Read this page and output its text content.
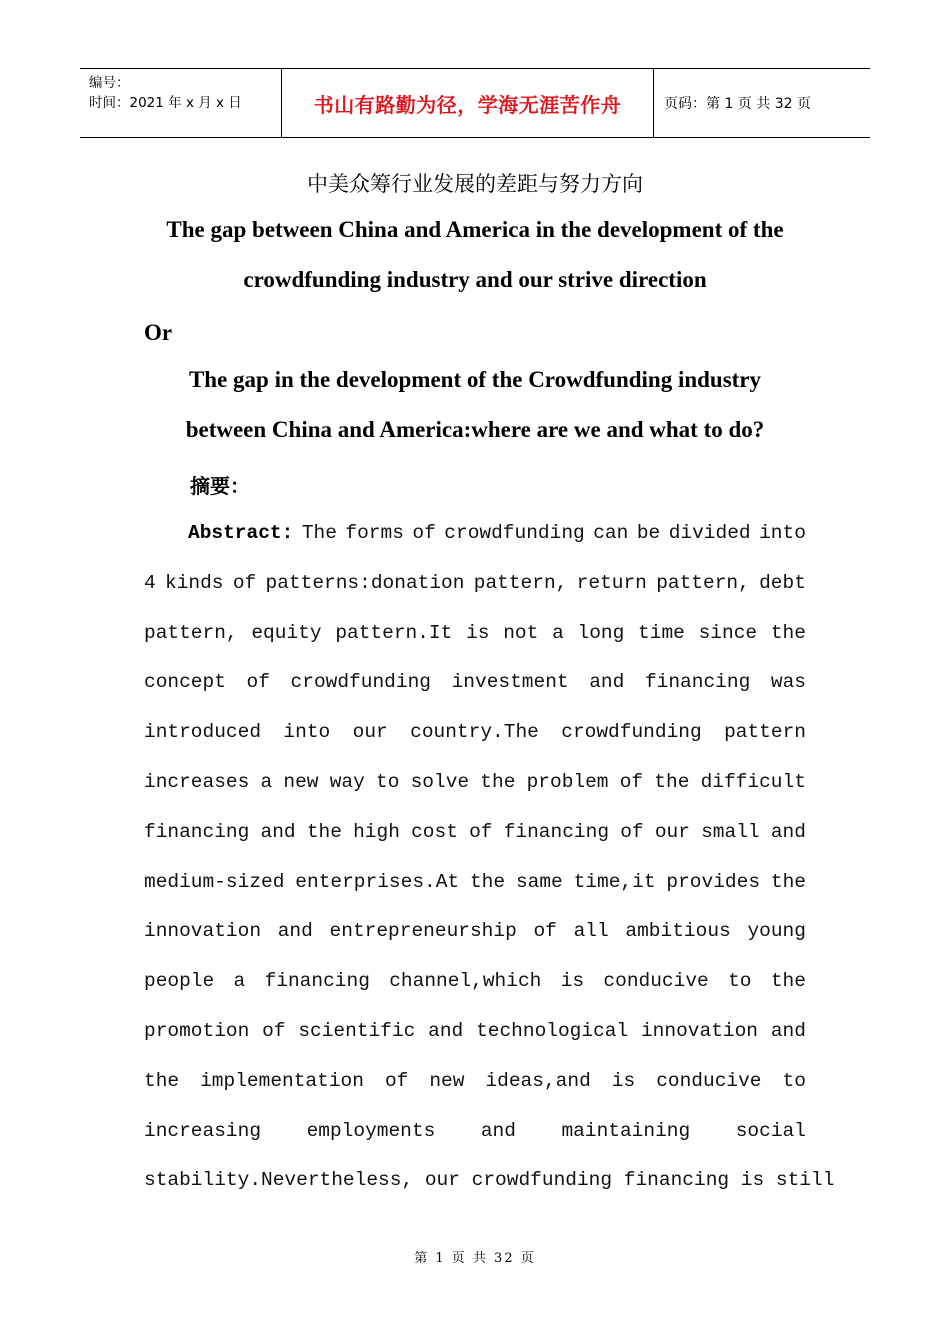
编号：
时间：2021 年 x 月 x 日	书山有路勤为径，学海无涯苦作舟	页码：第 1 页 共 32 页
中美众筹行业发展的差距与努力方向
The gap between China and America in the development of the
crowdfunding industry and our strive direction
Or
The gap in the development of the Crowdfunding industry
between China and America:where are we and what to do?
摘要：
Abstract: The forms of crowdfunding can be divided into
4 kinds of patterns:donation pattern, return pattern, debt
pattern, equity pattern.It is not a long time since the
concept of crowdfunding investment and financing was
introduced into our country.The crowdfunding pattern
increases a new way to solve the problem of the difficult
financing and the high cost of financing of our small and
medium-sized enterprises.At the same time,it provides the
innovation and entrepreneurship of all ambitious young
people a financing channel,which is conducive to the
promotion of scientific and technological innovation and
the implementation of new ideas,and is conducive to
increasing employments and maintaining social
stability.Nevertheless, our crowdfunding financing is still
第 1 页 共 32 页
